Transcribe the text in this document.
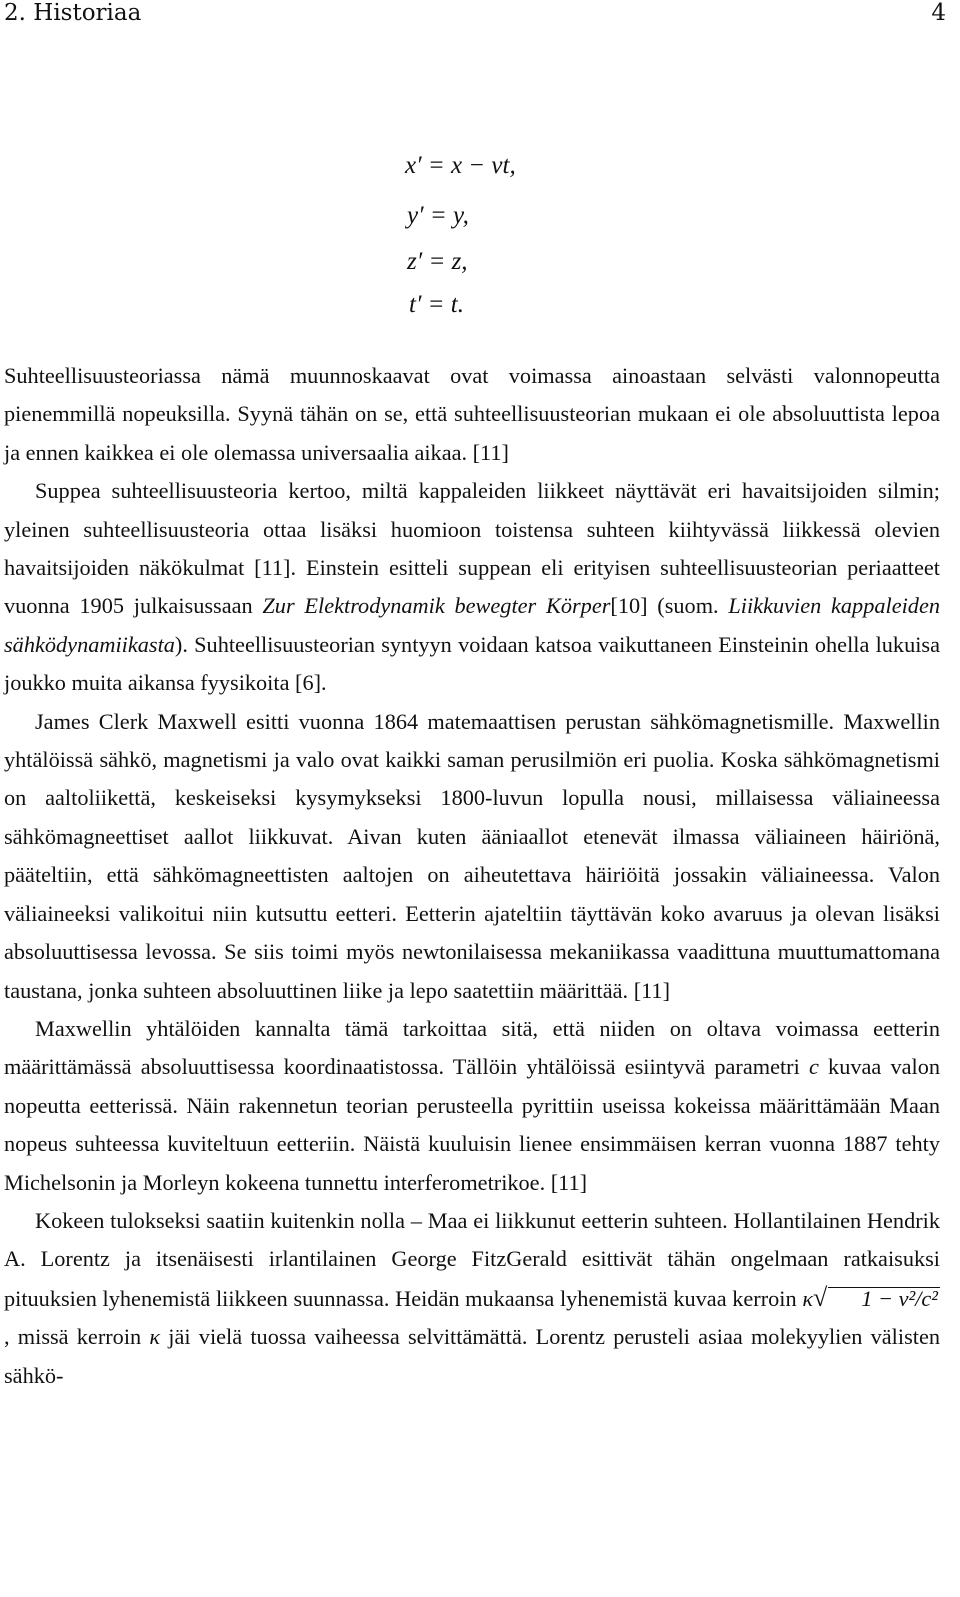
2. Historiaa	4
x′ = x − vt,
y′ = y,
z′ = z,
t′ = t.

Suhteellisuusteoriassa nämä muunnoskaavat ovat voimassa ainoastaan selvästi valonnopeutta pienemmillä nopeuksilla. Syynä tähän on se, että suhteellisuusteorian mukaan ei ole absoluuttista lepoa ja ennen kaikkea ei ole olemassa universaalia aikaa. [11]

Suppea suhteellisuusteoria kertoo, miltä kappaleiden liikkeet näyttävät eri havaitsijoiden silmin; yleinen suhteellisuusteoria ottaa lisäksi huomioon toistensa suhteen kiihtyvässä liikkessä olevien havaitsijoiden näkökulmat [11]. Einstein esitteli suppean eli erityisen suhteellisuusteorian periaatteet vuonna 1905 julkaisussaan Zur Elektrodynamik bewegter Körper[10] (suom. Liikkuvien kappaleiden sähködynamiikasta). Suhteellisuusteorian syntyyn voidaan katsoa vaikuttaneen Einsteinin ohella lukuisa joukko muita aikansa fyysikoita [6].

James Clerk Maxwell esitti vuonna 1864 matemaattisen perustan sähkömagnetismille. Maxwellin yhtälöissä sähkö, magnetismi ja valo ovat kaikki saman perusilmiön eri puolia. Koska sähkömagnetismi on aaltoliikettä, keskeiseksi kysymykseksi 1800-luvun lopulla nousi, millaisessa väliaineessa sähkömagneettiset aallot liikkuvat. Aivan kuten ääniaallot etenevät ilmassa väliaineen häiriönä, pääteltiin, että sähkömagneettisten aaltojen on aiheutettava häiriöitä jossakin väliaineessa. Valon väliaineeksi valikoitui niin kutsuttu eetteri. Eetterin ajateltiin täyttävän koko avaruus ja olevan lisäksi absoluuttisessa levossa. Se siis toimi myös newtonilaisessa mekaniikassa vaadittuna muuttumattomana taustana, jonka suhteen absoluuttinen liike ja lepo saatettiin määrittää. [11]

Maxwellin yhtälöiden kannalta tämä tarkoittaa sitä, että niiden on oltava voimassa eetterin määrittämässä absoluuttisessa koordinaatistossa. Tällöin yhtälöissä esiintyvä parametri c kuvaa valon nopeutta eetterissä. Näin rakennetun teorian perusteella pyrittiin useissa kokeissa määrittämään Maan nopeus suhteessa kuviteltuun eetteriin. Näistä kuuluisin lienee ensimmäisen kerran vuonna 1887 tehty Michelsonin ja Morleyn kokeena tunnettu interferometrikoe. [11]

Kokeen tulokseksi saatiin kuitenkin nolla – Maa ei liikkunut eetterin suhteen. Hollantilainen Hendrik A. Lorentz ja itsenäisesti irlantilainen George FitzGerald esittivät tähän ongelmaan ratkaisuksi pituuksien lyhenemistä liikkeen suunnassa. Heidän mukaansa lyhenemistä kuvaa kerroin κ√ 1 − v²/c², missä kerroin κ jäi vielä tuossa vaiheessa selvittämättä. Lorentz perusteli asiaa molekyylien välisten sähkö-
